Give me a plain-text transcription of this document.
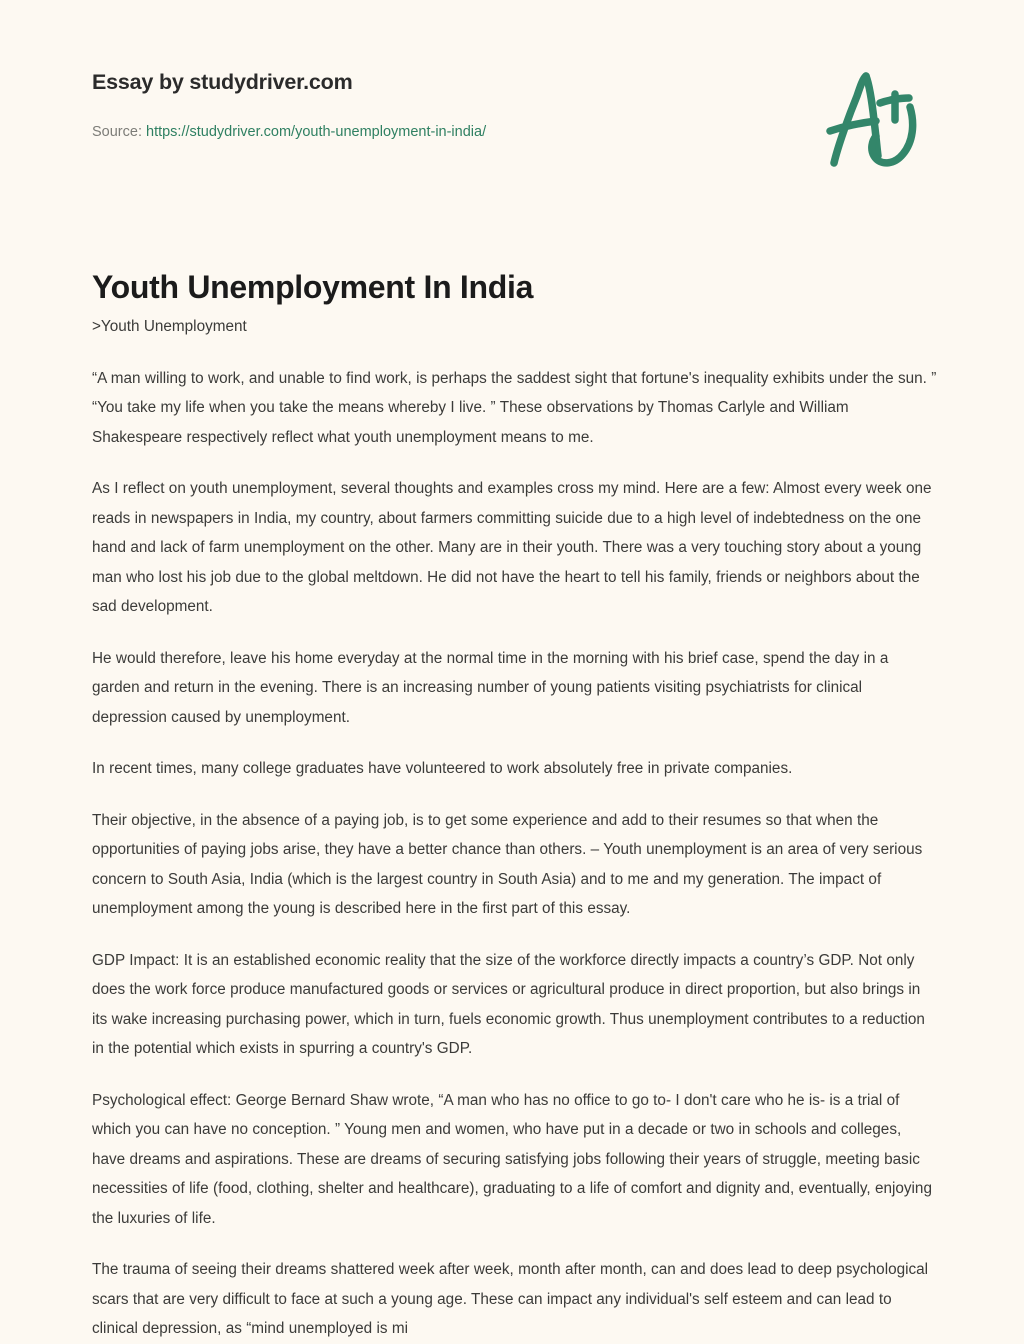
Essay by studydriver.com
Source: https://studydriver.com/youth-unemployment-in-india/
Youth Unemployment In India

>Youth Unemployment

“A man willing to work, and unable to find work, is perhaps the saddest sight that fortune's inequality exhibits under the sun. ” “You take my life when you take the means whereby I live. ” These observations by Thomas Carlyle and William Shakespeare respectively reflect what youth unemployment means to me.

As I reflect on youth unemployment, several thoughts and examples cross my mind. Here are a few: Almost every week one reads in newspapers in India, my country, about farmers committing suicide due to a high level of indebtedness on the one hand and lack of farm unemployment on the other. Many are in their youth. There was a very touching story about a young man who lost his job due to the global meltdown. He did not have the heart to tell his family, friends or neighbors about the sad development.

He would therefore, leave his home everyday at the normal time in the morning with his brief case, spend the day in a garden and return in the evening. There is an increasing number of young patients visiting psychiatrists for clinical depression caused by unemployment.

In recent times, many college graduates have volunteered to work absolutely free in private companies.

Their objective, in the absence of a paying job, is to get some experience and add to their resumes so that when the opportunities of paying jobs arise, they have a better chance than others. – Youth unemployment is an area of very serious concern to South Asia, India (which is the largest country in South Asia) and to me and my generation. The impact of unemployment among the young is described here in the first part of this essay.

GDP Impact: It is an established economic reality that the size of the workforce directly impacts a country’s GDP. Not only does the work force produce manufactured goods or services or agricultural produce in direct proportion, but also brings in its wake increasing purchasing power, which in turn, fuels economic growth. Thus unemployment contributes to a reduction in the potential which exists in spurring a country's GDP.

Psychological effect: George Bernard Shaw wrote, “A man who has no office to go to- I don't care who he is- is a trial of which you can have no conception. ” Young men and women, who have put in a decade or two in schools and colleges, have dreams and aspirations. These are dreams of securing satisfying jobs following their years of struggle, meeting basic necessities of life (food, clothing, shelter and healthcare), graduating to a life of comfort and dignity and, eventually, enjoying the luxuries of life.

The trauma of seeing their dreams shattered week after week, month after month, can and does lead to deep psychological scars that are very difficult to face at such a young age. These can impact any individual's self esteem and can lead to clinical depression, as “mind unemployed is mi
